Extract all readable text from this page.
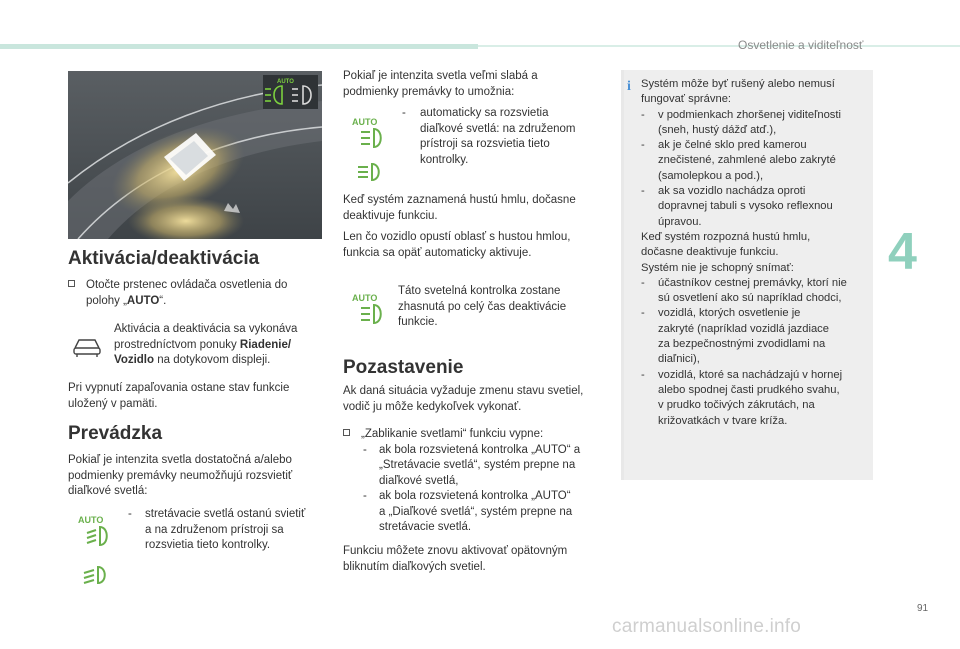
Osvetlenie a viditeľnosť
4
AUTO
Aktivácia/deaktivácia
Otočte prstenec ovládača osvetlenia do
polohy „AUTO“.
Aktivácia a deaktivácia sa vykonáva
prostredníctvom ponuky Riadenie/
Vozidlo na dotykovom displeji.
Pri vypnutí zapaľovania ostane stav funkcie
uložený v pamäti.
Prevádzka
Pokiaľ je intenzita svetla dostatočná a/alebo
podmienky premávky neumožňujú rozsvietiť
diaľkové svetlá:
AUTO -	stretávacie svetlá ostanú svietiť
a na združenom prístroji sa
rozsvietia tieto kontrolky.
Pokiaľ je intenzita svetla veľmi slabá a
podmienky premávky to umožnia:
AUTO
-	automaticky sa rozsvietia
diaľkové svetlá: na združenom
prístroji sa rozsvietia tieto
kontrolky.
Keď systém zaznamená hustú hmlu, dočasne
deaktivuje funkciu.
Len čo vozidlo opustí oblasť s hustou hmlou,
funkcia sa opäť automaticky aktivuje.
AUTO
Táto svetelná kontrolka zostane
zhasnutá po celý čas deaktivácie
funkcie.
Pozastavenie
Ak daná situácia vyžaduje zmenu stavu svetiel,
vodič ju môže kedykoľvek vykonať.
„Zablikanie svetlami“ funkciu vypne:
- ak bola rozsvietená kontrolka „AUTO“ a
„Stretávacie svetlá“, systém prepne na
diaľkové svetlá,
- ak bola rozsvietená kontrolka „AUTO“
a „Diaľkové svetlá“, systém prepne na
stretávacie svetlá.
Funkciu môžete znovu aktivovať opätovným
bliknutím diaľkových svetiel.
i Systém môže byť rušený alebo nemusí
fungovať správne:
- v podmienkach zhoršenej viditeľnosti
(sneh, hustý dážď atď.),
- ak je čelné sklo pred kamerou
znečistené, zahmlené alebo zakryté
(samolepkou a pod.),
- ak sa vozidlo nachádza oproti
dopravnej tabuli s vysoko reflexnou
úpravou.
Keď systém rozpozná hustú hmlu,
dočasne deaktivuje funkciu.
Systém nie je schopný snímať:
- účastníkov cestnej premávky, ktorí nie
sú osvetlení ako sú napríklad chodci,
- vozidlá, ktorých osvetlenie je
zakryté (napríklad vozidlá jazdiace
za bezpečnostnými zvodidlami na
diaľnici),
- vozidlá, ktoré sa nachádzajú v hornej
alebo spodnej časti prudkého svahu,
v prudko točivých zákrutách, na
križovatkách v tvare kríža.
91
carmanualsonline.info
